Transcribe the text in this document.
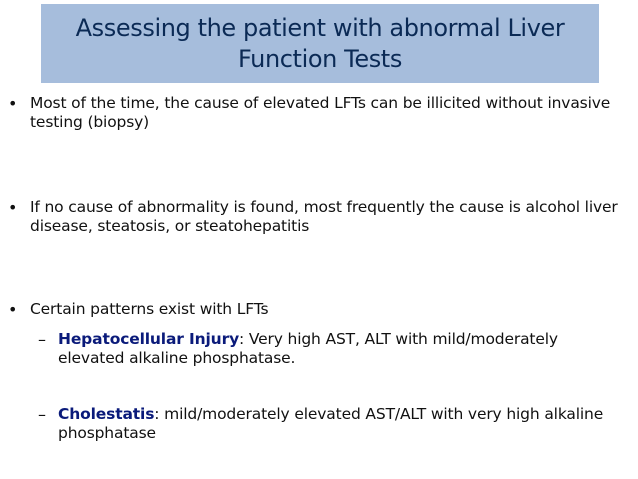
Assessing the patient with abnormal Liver Function Tests
• Most of the time, the cause of elevated LFTs can be illicited without invasive testing (biopsy)
• If no cause of abnormality is found, most frequently the cause is alcohol liver disease, steatosis, or steatohepatitis
• Certain patterns exist with LFTs
– Hepatocellular Injury: Very high AST, ALT with mild/moderately elevated alkaline phosphatase.
– Cholestatis: mild/moderately elevated AST/ALT with very high alkaline phosphatase
